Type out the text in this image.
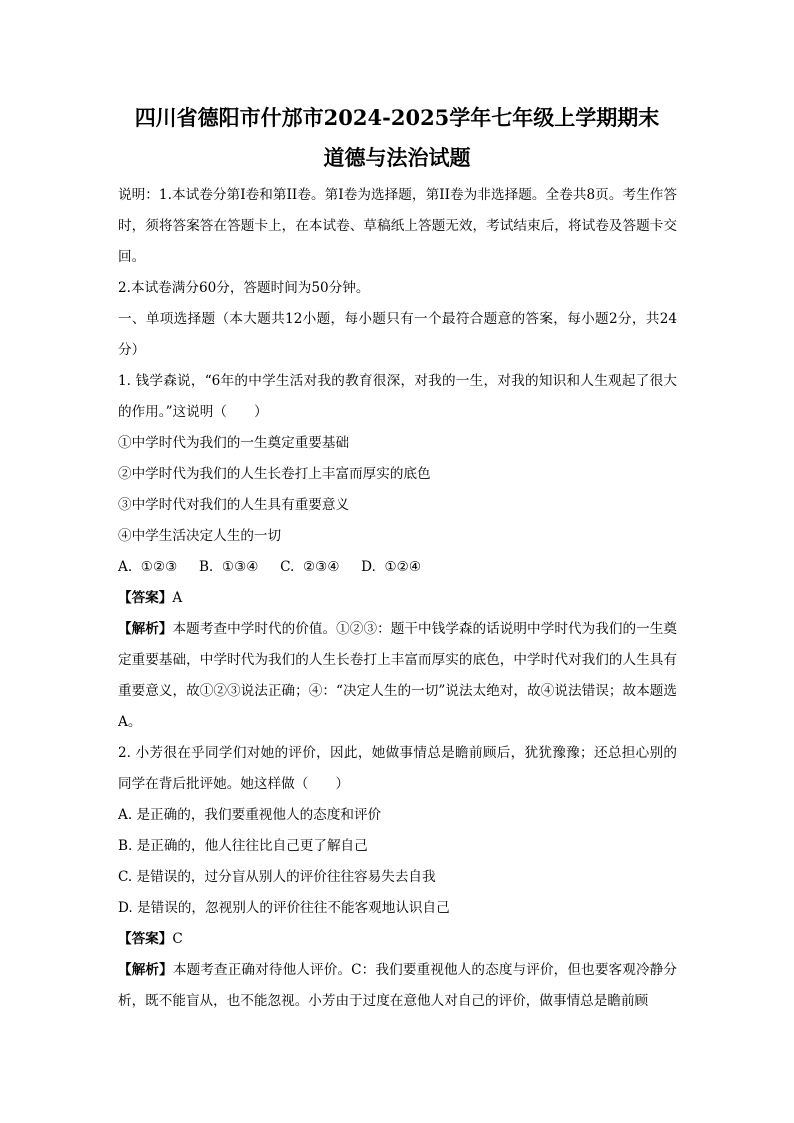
四川省德阳市什邡市2024-2025学年七年级上学期期末
道德与法治试题

说明：1.本试卷分第I卷和第II卷。第I卷为选择题，第II卷为非选择题。全卷共8页。考生作答时，须将答案答在答题卡上，在本试卷、草稿纸上答题无效，考试结束后，将试卷及答题卡交回。

2.本试卷满分60分，答题时间为50分钟。

一、单项选择题（本大题共12小题，每小题只有一个最符合题意的答案，每小题2分，共24分）

1. 钱学森说，“6年的中学生活对我的教育很深，对我的一生，对我的知识和人生观起了很大的作用。”这说明（　　）

①中学时代为我们的一生奠定重要基础

②中学时代为我们的人生长卷打上丰富而厚实的底色

③中学时代对我们的人生具有重要意义

④中学生活决定人生的一切

A.  ①②③     B.  ①③④     C.  ②③④     D.  ①②④

【答案】A

【解析】本题考查中学时代的价值。①②③：题干中钱学森的话说明中学时代为我们的一生奠定重要基础，中学时代为我们的人生长卷打上丰富而厚实的底色，中学时代对我们的人生具有重要意义，故①②③说法正确；④：“决定人生的一切”说法太绝对，故④说法错误；故本题选A。

2. 小芳很在乎同学们对她的评价，因此，她做事情总是瞻前顾后，犹犹豫豫；还总担心别的同学在背后批评她。她这样做（　　）

A. 是正确的，我们要重视他人的态度和评价

B. 是正确的，他人往往比自己更了解自己

C. 是错误的，过分盲从别人的评价往往容易失去自我

D. 是错误的，忽视别人的评价往往不能客观地认识自己

【答案】C

【解析】本题考查正确对待他人评价。C：我们要重视他人的态度与评价，但也要客观冷静分析，既不能盲从，也不能忽视。小芳由于过度在意他人对自己的评价，做事情总是瞻前顾
